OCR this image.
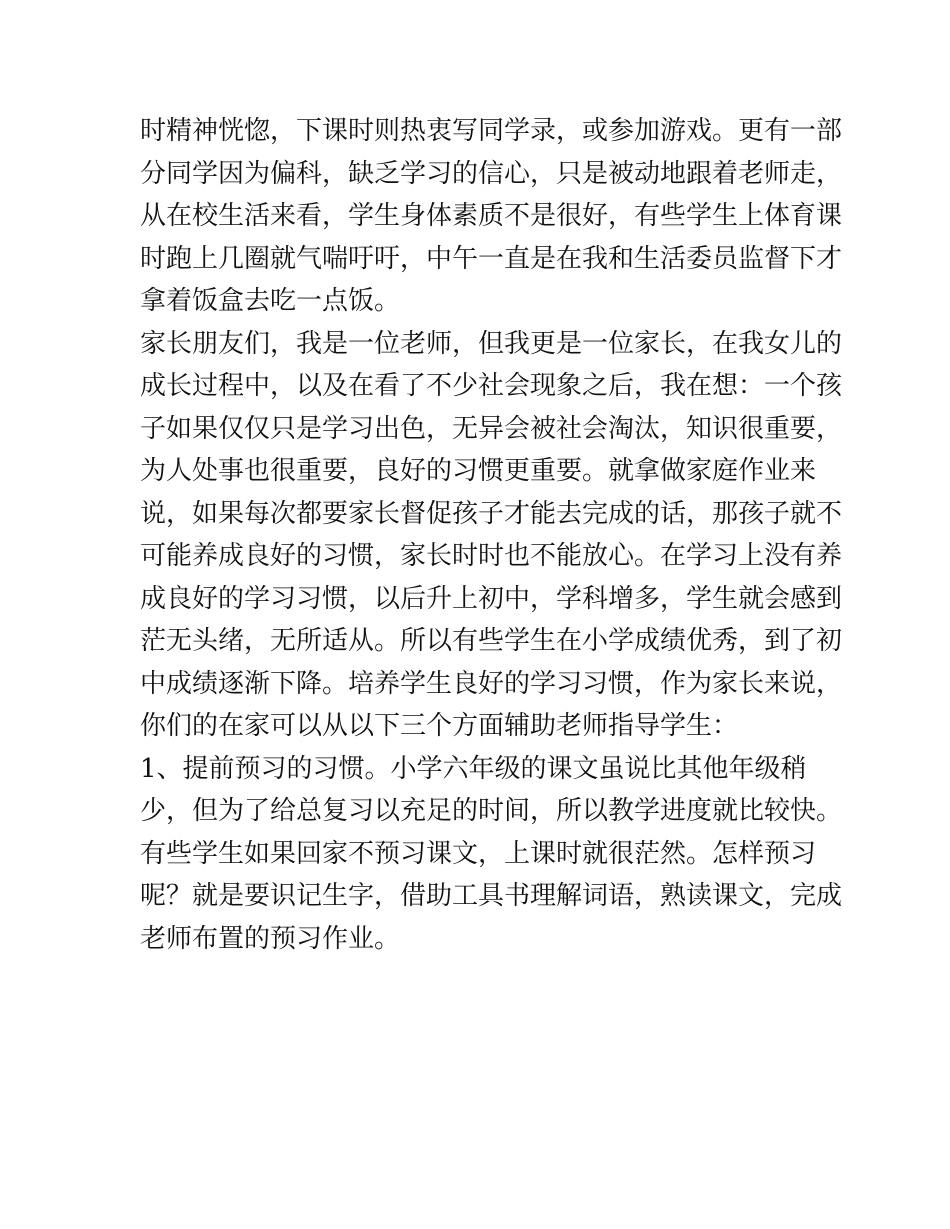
时精神恍惚，下课时则热衷写同学录，或参加游戏。更有一部
分同学因为偏科，缺乏学习的信心，只是被动地跟着老师走，
从在校生活来看，学生身体素质不是很好，有些学生上体育课
时跑上几圈就气喘吁吁，中午一直是在我和生活委员监督下才
拿着饭盒去吃一点饭。
家长朋友们，我是一位老师，但我更是一位家长，在我女儿的
成长过程中，以及在看了不少社会现象之后，我在想：一个孩
子如果仅仅只是学习出色，无异会被社会淘汰，知识很重要，
为人处事也很重要，良好的习惯更重要。就拿做家庭作业来
说，如果每次都要家长督促孩子才能去完成的话，那孩子就不
可能养成良好的习惯，家长时时也不能放心。在学习上没有养
成良好的学习习惯，以后升上初中，学科增多，学生就会感到
茫无头绪，无所适从。所以有些学生在小学成绩优秀，到了初
中成绩逐渐下降。培养学生良好的学习习惯，作为家长来说，
你们的在家可以从以下三个方面辅助老师指导学生：
1、提前预习的习惯。小学六年级的课文虽说比其他年级稍
少，但为了给总复习以充足的时间，所以教学进度就比较快。
有些学生如果回家不预习课文，上课时就很茫然。怎样预习
呢？就是要识记生字，借助工具书理解词语，熟读课文，完成
老师布置的预习作业。
